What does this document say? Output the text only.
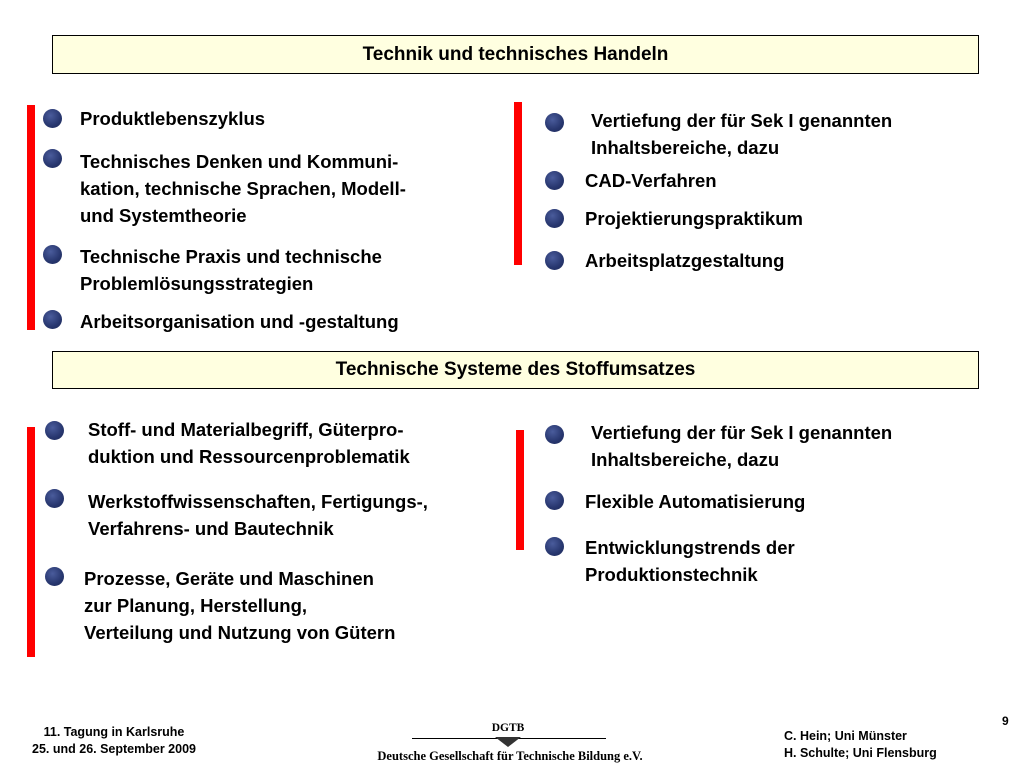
Technik und technisches Handeln
Produktlebenszyklus
Technisches Denken und Kommuni-
kation, technische Sprachen, Modell-
und Systemtheorie
Technische Praxis und technische
Problemlösungsstrategien
Arbeitsorganisation und -gestaltung
Vertiefung der für Sek I genannten
Inhaltsbereiche, dazu
CAD-Verfahren
Projektierungspraktikum
Arbeitsplatzgestaltung
Technische Systeme des Stoffumsatzes
Stoff- und Materialbegriff, Güterpro-
duktion und Ressourcenproblematik
Werkstoffwissenschaften, Fertigungs-,
Verfahrens- und Bautechnik
Prozesse, Geräte und Maschinen
zur Planung, Herstellung,
Verteilung und Nutzung von Gütern
Vertiefung der für Sek I genannten
Inhaltsbereiche, dazu
Flexible Automatisierung
Entwicklungstrends der
Produktionstechnik
11. Tagung in Karlsruhe
25. und 26. September 2009
DGTB
Deutsche Gesellschaft für Technische Bildung e.V.
C. Hein; Uni Münster
H. Schulte; Uni Flensburg
9
